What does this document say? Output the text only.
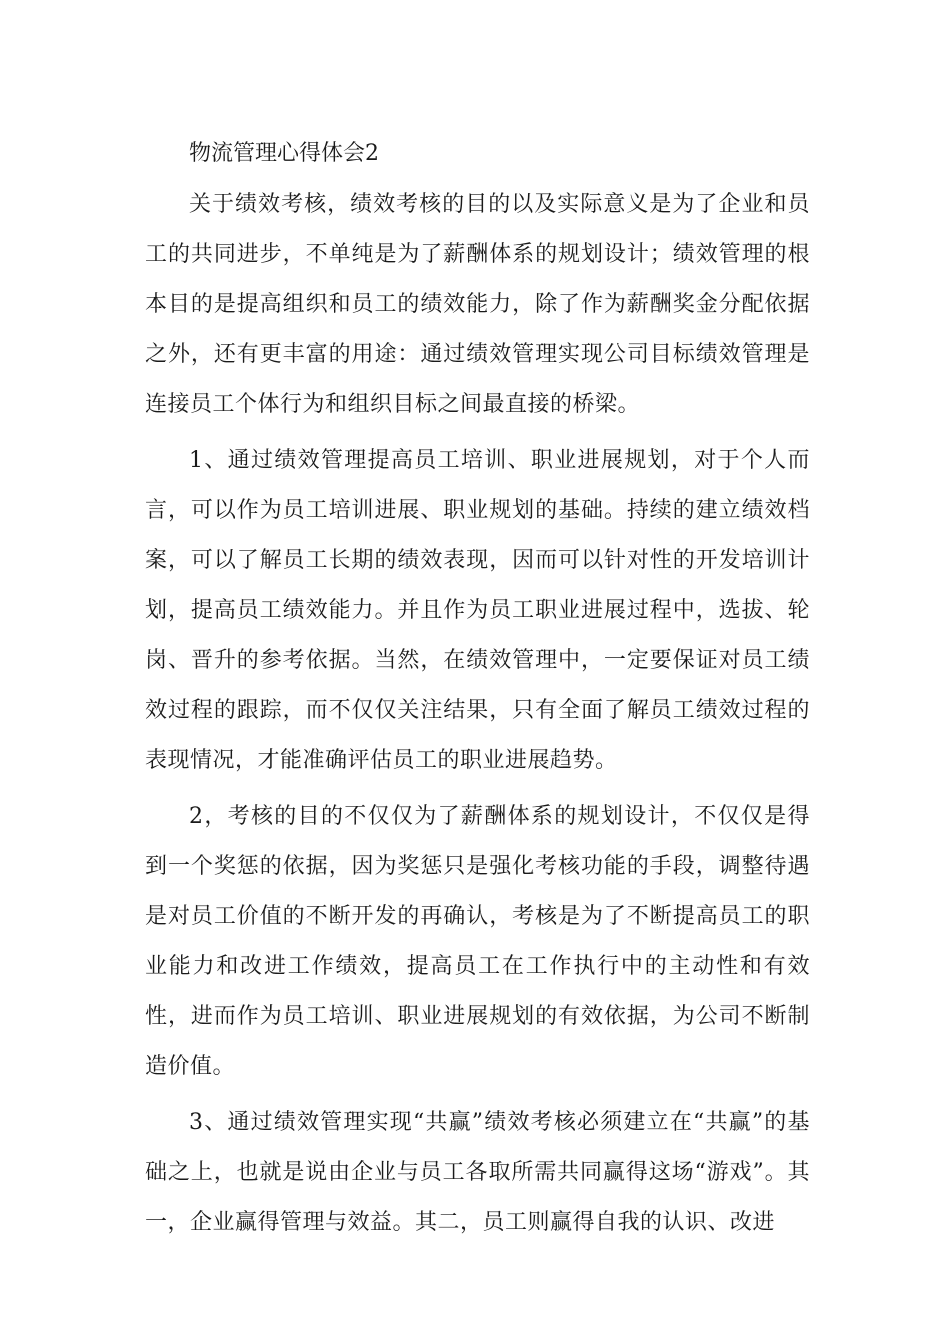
物流管理心得体会2

关于绩效考核，绩效考核的目的以及实际意义是为了企业和员工的共同进步，不单纯是为了薪酬体系的规划设计；绩效管理的根本目的是提高组织和员工的绩效能力，除了作为薪酬奖金分配依据之外，还有更丰富的用途：通过绩效管理实现公司目标绩效管理是连接员工个体行为和组织目标之间最直接的桥梁。

1、通过绩效管理提高员工培训、职业进展规划，对于个人而言，可以作为员工培训进展、职业规划的基础。持续的建立绩效档案，可以了解员工长期的绩效表现，因而可以针对性的开发培训计划，提高员工绩效能力。并且作为员工职业进展过程中，选拔、轮岗、晋升的参考依据。当然，在绩效管理中，一定要保证对员工绩效过程的跟踪，而不仅仅关注结果，只有全面了解员工绩效过程的表现情况，才能准确评估员工的职业进展趋势。

2，考核的目的不仅仅为了薪酬体系的规划设计，不仅仅是得到一个奖惩的依据，因为奖惩只是强化考核功能的手段，调整待遇是对员工价值的不断开发的再确认，考核是为了不断提高员工的职业能力和改进工作绩效，提高员工在工作执行中的主动性和有效性，进而作为员工培训、职业进展规划的有效依据，为公司不断制造价值。

3、通过绩效管理实现“共赢”绩效考核必须建立在“共赢”的基础之上，也就是说由企业与员工各取所需共同赢得这场“游戏”。其一，企业赢得管理与效益。其二，员工则赢得自我的认识、改进
